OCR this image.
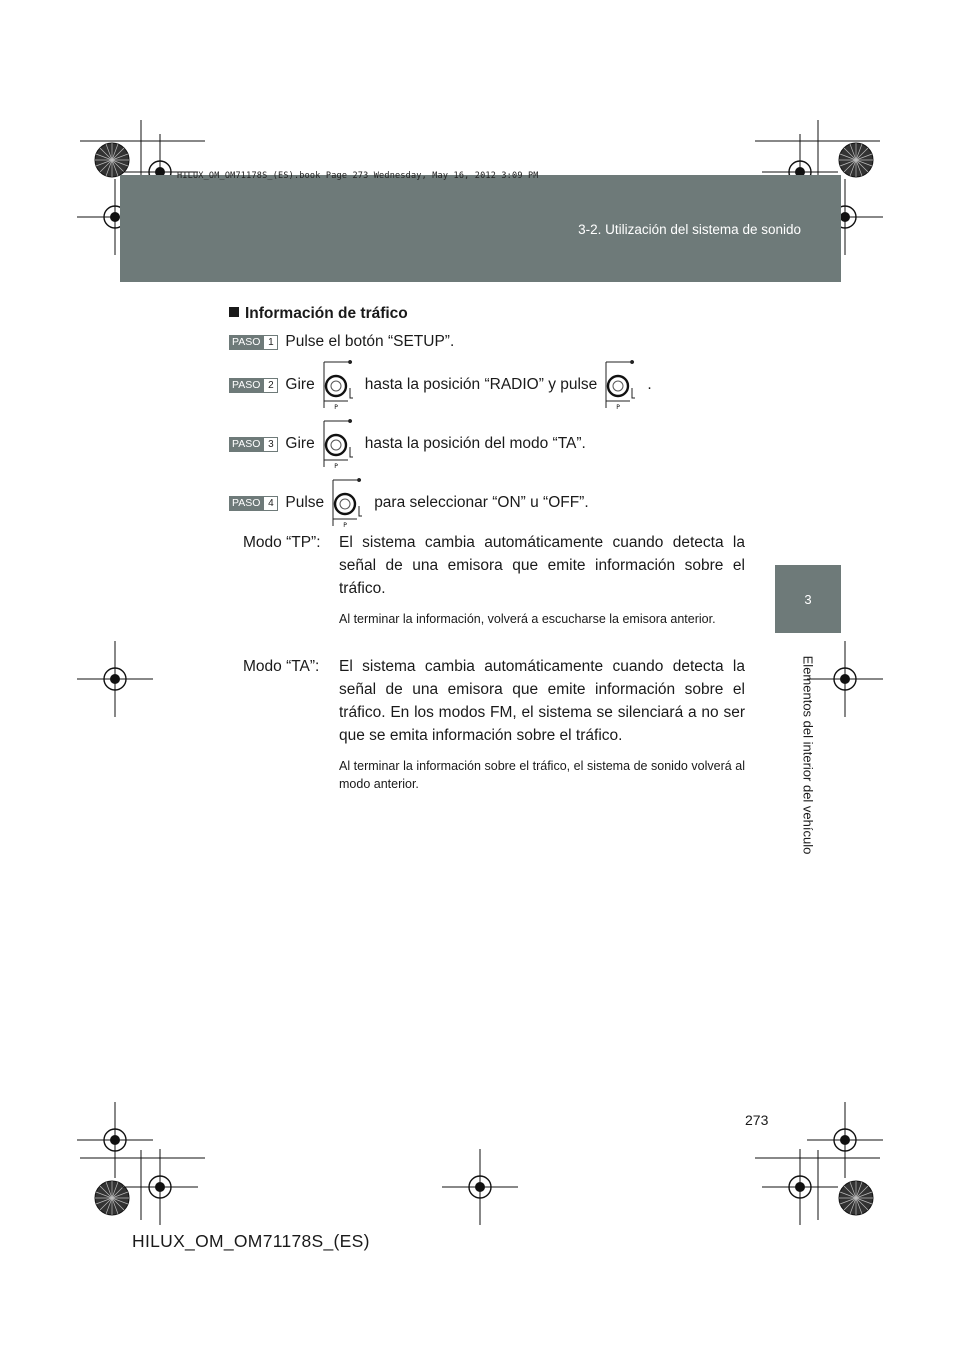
3-2. Utilización del sistema de sonido
HILUX_OM_OM71178S_(ES).book Page 273 Wednesday, May 16, 2012 3:09 PM
3
Elementos del interior del vehículo
Información de tráfico
PASO 1 Pulse el botón “SETUP”.
PASO 2 Gire
P
hasta la posición “RADIO” y pulse
P
.
PASO 3 Gire
P
hasta la posición del modo “TA”.
PASO 4 Pulse
P
para seleccionar “ON” u “OFF”.
Modo “TP”: El sistema cambia automáticamente cuando detecta la señal de una emisora que emite información sobre el tráfico.
Al terminar la información, volverá a escucharse la emisora anterior.
Modo “TA”: El sistema cambia automáticamente cuando detecta la señal de una emisora que emite información sobre el tráfico. En los modos FM, el sistema se silenciará a no ser que se emita información sobre el tráfico.
Al terminar la información sobre el tráfico, el sistema de sonido volverá al modo anterior.
273
HILUX_OM_OM71178S_(ES)
